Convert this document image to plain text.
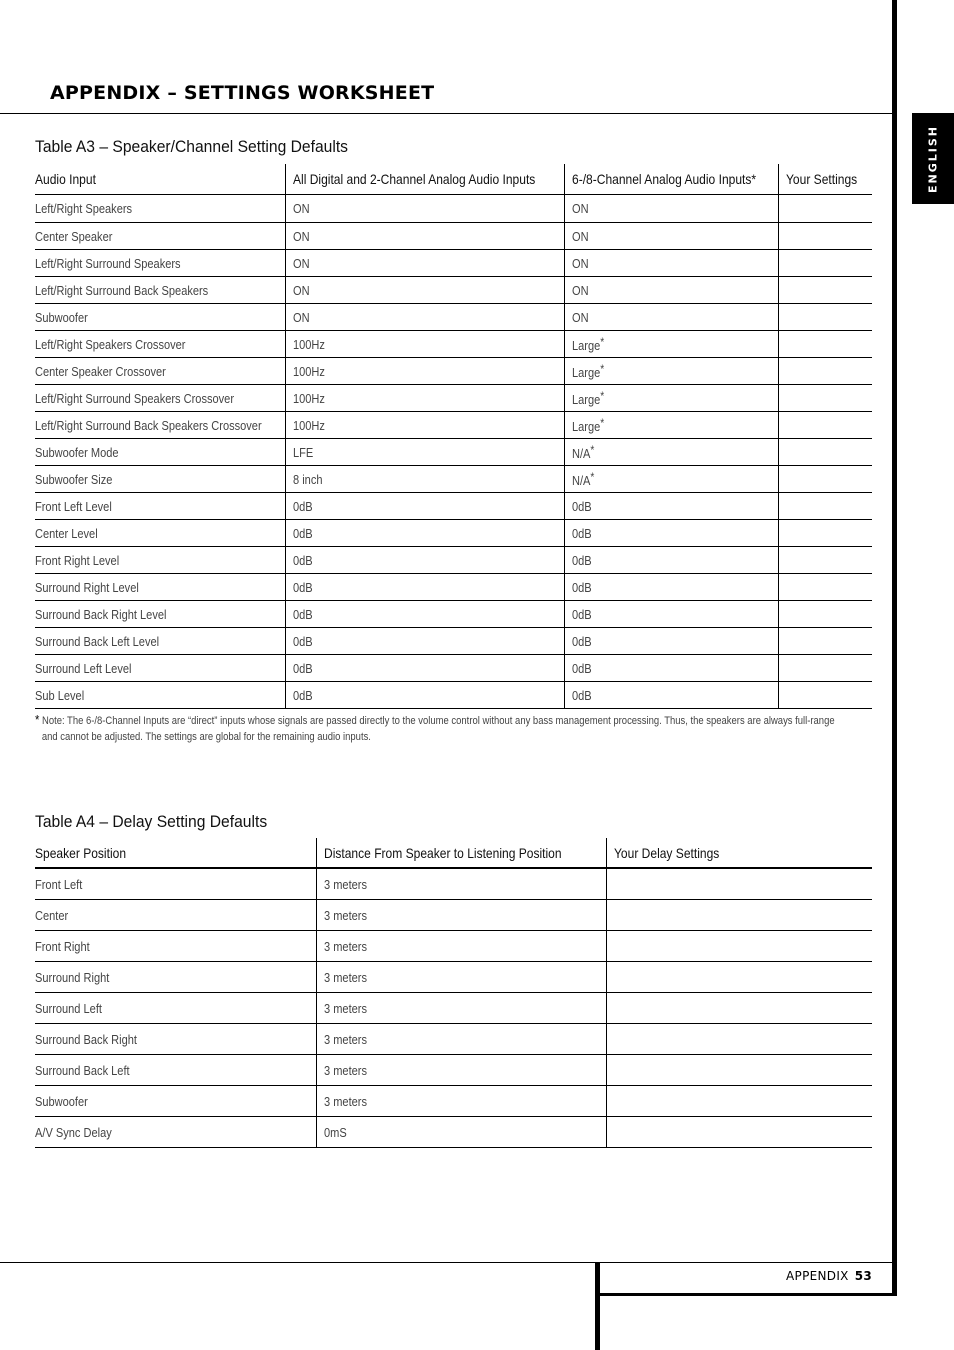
APPENDIX – SETTINGS WORKSHEET
ENGLISH
Table A3 – Speaker/Channel Setting Defaults
Audio Input	All Digital and 2-Channel Analog Audio Inputs	6-/8-Channel Analog Audio Inputs*	Your Settings
Left/Right Speakers	ON	ON	
Center Speaker	ON	ON	
Left/Right Surround Speakers	ON	ON	
Left/Right Surround Back Speakers	ON	ON	
Subwoofer	ON	ON	
Left/Right Speakers Crossover	100Hz	Large*	
Center Speaker Crossover	100Hz	Large*	
Left/Right Surround Speakers Crossover	100Hz	Large*	
Left/Right Surround Back Speakers Crossover	100Hz	Large*	
Subwoofer Mode	LFE	N/A*	
Subwoofer Size	8 inch	N/A*	
Front Left Level	0dB	0dB	
Center Level	0dB	0dB	
Front Right Level	0dB	0dB	
Surround Right Level	0dB	0dB	
Surround Back Right Level	0dB	0dB	
Surround Back Left Level	0dB	0dB	
Surround Left Level	0dB	0dB	
Sub Level	0dB	0dB	

* Note: The 6-/8-Channel Inputs are “direct” inputs whose signals are passed directly to the volume control without any bass management processing. Thus, the speakers are always full-range
and cannot be adjusted. The settings are global for the remaining audio inputs.

Table A4 – Delay Setting Defaults
Speaker Position	Distance From Speaker to Listening Position	Your Delay Settings
Front Left	3 meters	
Center	3 meters	
Front Right	3 meters	
Surround Right	3 meters	
Surround Left	3 meters	
Surround Back Right	3 meters	
Surround Back Left	3 meters	
Subwoofer	3 meters	
A/V Sync Delay	0mS	
APPENDIX 53
